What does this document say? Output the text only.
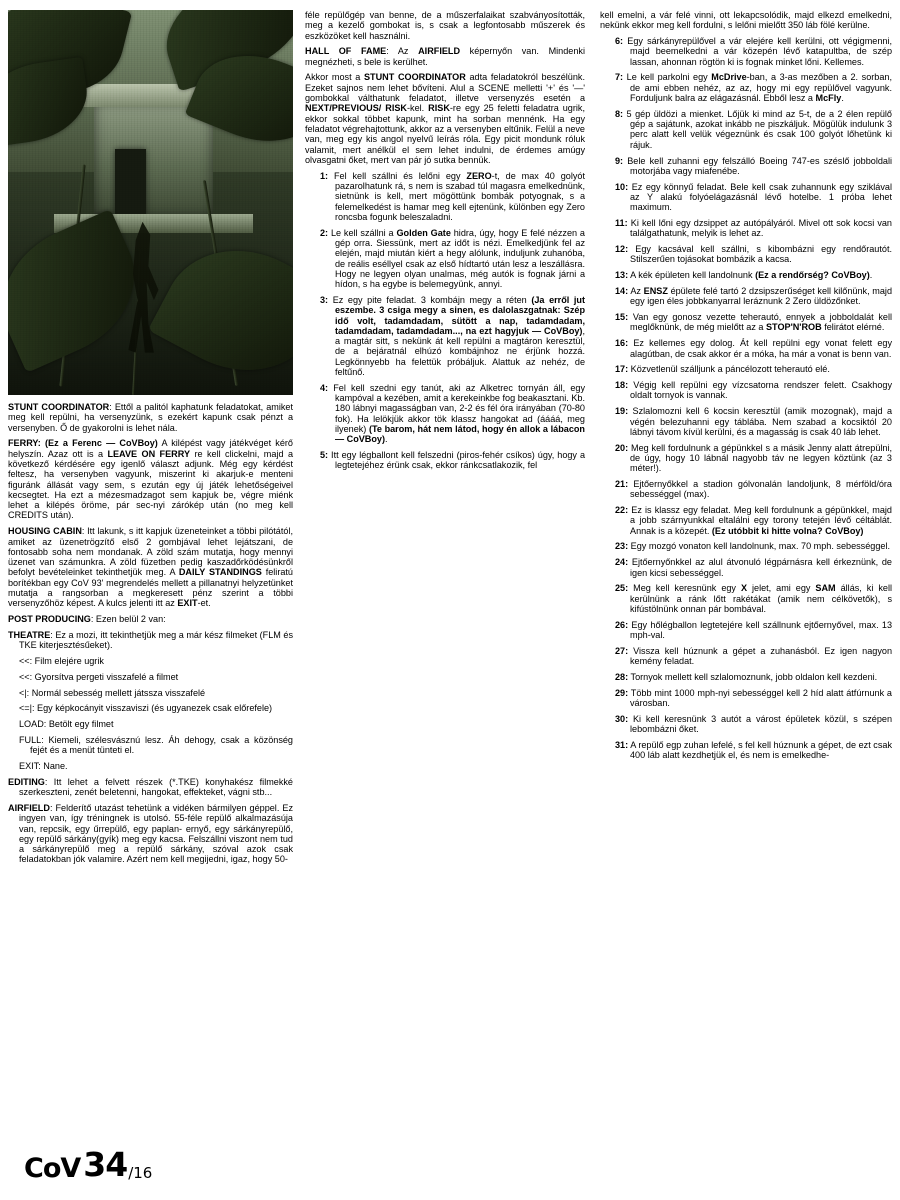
STUNT COORDINATOR: Ettől a palitól kaphatunk feladatokat, amiket meg kell repülni, ha versenyzünk, s ezekért kapunk csak pénzt a versenyben. Ő de gyakorolni is lehet nála.
FERRY: (Ez a Ferenc — CoVBoy) A kilépést vagy játékvéget kérő helyszín. Azaz ott is a LEAVE ON FERRY re kell clickelni, majd a következő kérdésére egy igenlő választ adjunk. Még egy kérdést feltesz, ha versenyben vagyunk, miszerint ki akarjuk-e menteni figuránk állását vagy sem, s ezután egy új játék lehetőségeivel kecsegtet. Ha ezt a mézesmadzagot sem kapjuk be, végre miénk lehet a kilépés öröme, pár sec-nyi zárókép után (no meg kell CREDITS után).
HOUSING CABIN: Itt lakunk, s itt kapjuk üzeneteinket a többi pilótától, amiket az üzenetrögzítő első 2 gombjával lehet lejátszani, de fontosabb soha nem mondanak. A zöld szám mutatja, hogy mennyi üzenet van számunkra. A zöld füzetben pedig kaszadőrködésünkről befolyt bevételeinket tekinthetjük meg. A DAILY STANDINGS feliratú borítékban egy CoV 93' megrendelés mellett a pillanatnyi helyzetünket mutatja a rangsorban a megkeresett pénz szerint a többi versenyzőhöz képest. A kulcs jelenti itt az EXIT-et.
POST PRODUCING: Ezen belül 2 van:
THEATRE: Ez a mozi, itt tekinthetjük meg a már kész filmeket (FLM és TKE kiterjesztésűeket).
<<: Film elejére ugrik
<<: Gyorsítva pergeti visszafelé a filmet
<|: Normál sebesség mellett játssza visszafelé
<=|: Egy képkocányit visszaviszi (és ugyanezek csak előrefele)
LOAD: Betölt egy filmet
FULL: Kiemeli, szélesvásznú lesz. Áh dehogy, csak a közönség fejét és a menüt tünteti el.
EXIT: Nane.
EDITING: Itt lehet a felvett részek (*.TKE) konyhakész filmekké szerkeszteni, zenét beletenni, hangokat, effekteket, vágni stb...
AIRFIELD: Felderítő utazást tehetünk a vidéken bármilyen géppel. Ez ingyen van, így tréningnek is utolsó. 55-féle repülő alkalmazásúja van, repcsik, egy űrrepülő, egy paplan- ernyő, egy sárkányrepülő, egy repülő sárkány(gyík) meg egy kacsa. Felszállni viszont nem tud a sárkányrepülő meg a repülő sárkány, szóval azok csak feladatokban jók valamire. Azért nem kell megijedni, igaz, hogy 50-
féle repülőgép van benne, de a műszerfalaikat szabványosították, meg a kezelő gombokat is, s csak a legfontosabb műszerek és eszközöket kell használni.
HALL OF FAME: Az AIRFIELD képernyőn van. Mindenki megnézheti, s bele is kerülhet.
Akkor most a STUNT COORDINATOR adta feladatokról beszélünk. Ezeket sajnos nem lehet bővíteni. Alul a SCENE melletti '+' és '—' gombokkal válthatunk feladatot, illetve versenyzés esetén a NEXT/PREVIOUS/ RISK-kel. RISK-re egy 25 feletti feladatra ugrik, ekkor sokkal többet kapunk, mint ha sorban mennénk. Ha egy feladatot végrehajtottunk, akkor az a versenyben eltűnik. Felül a neve van, meg egy kis angol nyelvű leírás róla. Egy picit mondunk róluk valamit, mert anélkül el sem lehet indulni, de érdemes amúgy olvasgatni őket, mert van pár jó sutka bennük.
1: Fel kell szállni és lelőni egy ZERO-t, de max 40 golyót pazarolhatunk rá, s nem is szabad túl magasra emelkednünk, sietnünk is kell, mert mögöttünk bombák potyognak, s a felemelkedést is hamar meg kell ejtenünk, különben egy Zero roncsba fogunk beleszaladni.
2: Le kell szállni a Golden Gate hidra, úgy, hogy E felé nézzen a gép orra. Siessünk, mert az időt is nézi. Emelkedjünk fel az elején, majd miután kiért a hegy alólunk, induljunk zuhanóba, de reális eséllyel csak az első hídtartó után lesz a leszállásra. Hogy ne legyen olyan unalmas, még autók is fognak járni a hídon, s ha egybe is belemegyünk, annyi.
3: Ez egy pite feladat. 3 kombájn megy a réten (Ja erről jut eszembe. 3 csiga megy a sinen, es dalolaszgatnak: Szép idő volt, tadamdadam, sütött a nap, tadamdadam, tadamdadam, tadamdadam..., na ezt hagyjuk — CoVBoy), a magtár sitt, s nekünk át kell repülni a magtáron keresztül, de a bejáratnál elhúzó kombájnhoz ne érjünk hozzá. Legkönnyebb ha felettük próbáljuk. Alattuk az nehéz, de feltűnő.
4: Fel kell szedni egy tanút, aki az Alketrec tornyán áll, egy kampóval a kezében, amit a kerekeinkbe fog beakasztani. Kb. 180 lábnyi magasságban van, 2-2 és fél óra irányában (70-80 fok). Ha lelökjük akkor tök klassz hangokat ad (áááá, meg ilyenek) (Te barom, hát nem látod, hogy én allok a lábacon — CoVBoy).
5: Itt egy légballont kell felszedni (piros-fehér csíkos) úgy, hogy a legtetejéhez érünk csak, ekkor ránkcsatlakozik, fel
kell emelni, a vár felé vinni, ott lekapcsolódik, majd elkezd emelkedni, nekünk ekkor meg kell fordulni, s lelőni mielőtt 350 láb fölé kerülne.
6: Egy sárkányrepülővel a vár elejére kell kerülni, ott végigmenni, majd beemelkedni a vár közepén lévő katapultba, de szép lassan, ahonnan rögtön ki is fognak minket lőni. Kellemes.
7: Le kell parkolni egy McDrive-ban, a 3-as mezőben a 2. sorban, de ami ebben nehéz, az az, hogy mi egy repülővel vagyunk. Forduljunk balra az elágazásnál. Ebből lesz a McFly.
8: 5 gép üldözi a mienket. Lőjük ki mind az 5-t, de a 2 élen repülő gép a sajátunk, azokat inkább ne piszkáljuk. Mögülük indulunk 3 perc alatt kell velük végeznünk és csak 100 golyót lőhetünk ki rájuk.
9: Bele kell zuhanni egy felszálló Boeing 747-es széslő jobboldali motorjába vagy miafenébe.
10: Ez egy könnyű feladat. Bele kell csak zuhannunk egy sziklával az Y alakú folyóelágazásnál lévő hotelbe. 1 próba lehet maximum.
11: Ki kell lőni egy dzsippet az autópályáról. Mivel ott sok kocsi van találgathatunk, melyik is lehet az.
12: Egy kacsával kell szállni, s kibombázni egy rendőrautót. Stilszerűen tojásokat bombázik a kacsa.
13: A kék épületen kell landolnunk (Ez a rendőrség? CoVBoy).
14: Az ENSZ épülete felé tartó 2 dzsipszerűséget kell kilőnünk, majd egy igen éles jobbkanyarral leráznunk 2 Zero üldözőnket.
15: Van egy gonosz vezette teherautó, ennyek a jobboldalát kell meglőknünk, de még mielőtt az a STOP'N'ROB felirátot elérné.
16: Ez kellemes egy dolog. Át kell repülni egy vonat felett egy alagútban, de csak akkor ér a móka, ha már a vonat is benn van.
17: Közvetlenül szálljunk a páncélozott teherautó elé.
18: Végig kell repülni egy vízcsatorna rendszer felett. Csakhogy oldalt tornyok is vannak.
19: Szlalomozni kell 6 kocsin keresztül (amik mozognak), majd a végén belezuhanni egy táblába. Nem szabad a kocsiktól 20 lábnyi távom kívül kerülni, és a magasság is csak 40 láb lehet.
20: Meg kell fordulnunk a gépünkkel s a másik Jenny alatt átrepülni, de úgy, hogy 10 lábnál nagyobb táv ne legyen köztünk (az 3 méter!).
21: Ejtőernyőkkel a stadion gólvonalán landoljunk, 8 mérföld/óra sebességgel (max).
22: Ez is klassz egy feladat. Meg kell fordulnunk a gépünkkel, majd a jobb szárnyunkkal eltalálni egy torony tetején lévő céltáblát. Annak is a közepét. (Ez utóbbit ki hitte volna? CoVBoy)
23: Egy mozgó vonaton kell landolnunk, max. 70 mph. sebességgel.
24: Ejtőernyőnkkel az alul átvonuló légpárnásra kell érkeznünk, de igen kicsi sebességgel.
25: Meg kell keresnünk egy X jelet, ami egy SAM állás, ki kell kerülnünk a ránk lőtt rakétákat (amik nem célkövetők), s kifústölnünk onnan pár bombával.
26: Egy hőlégballon legtetejére kell szállnunk ejtőernyővel, max. 13 mph-val.
27: Vissza kell húznunk a gépet a zuhanásból. Ez igen nagyon kemény feladat.
28: Tornyok mellett kell szlalomoznunk, jobb oldalon kell kezdeni.
29: Több mint 1000 mph-nyi sebességgel kell 2 híd alatt átfúrnunk a városban.
30: Ki kell keresnünk 3 autót a várost épületek közül, s szépen lebombázni őket.
31: A repülő egp zuhan lefelé, s fel kell húznunk a gépet, de ezt csak 400 láb alatt kezdhetjük el, és nem is emelkedhe-
CoV 34 /16
